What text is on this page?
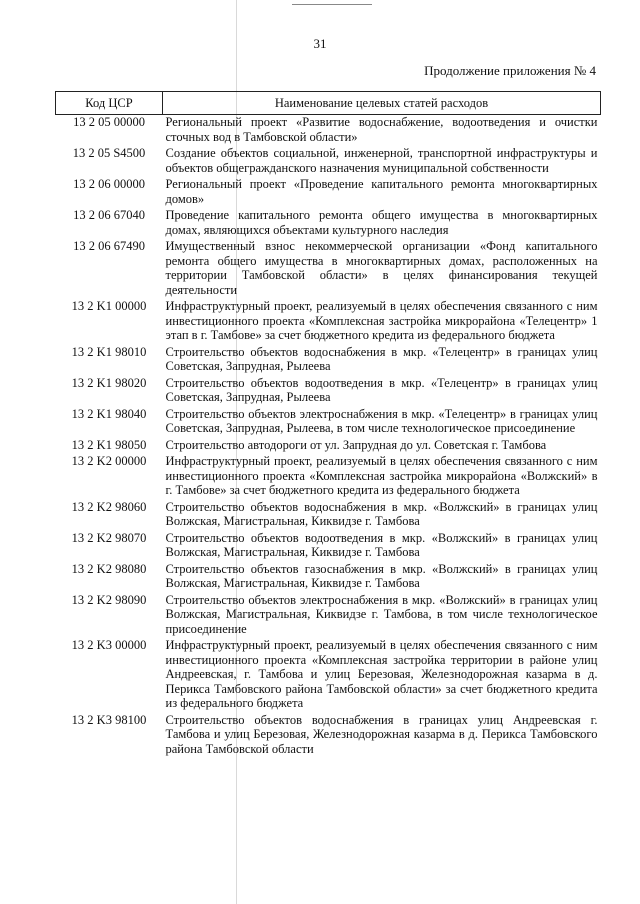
31
Продолжение приложения № 4
Код ЦСР	Наименование целевых статей расходов
13 2 05 00000	Региональный проект «Развитие водоснабжение, водоотведения и очистки сточных вод в Тамбовской области»
13 2 05 S4500	Создание объектов социальной, инженерной, транспортной инфраструктуры и объектов общегражданского назначения муниципальной собственности
13 2 06 00000	Региональный проект «Проведение капитального ремонта многоквартирных домов»
13 2 06 67040	Проведение капитального ремонта общего имущества в многоквартирных домах, являющихся объектами культурного наследия
13 2 06 67490	Имущественный взнос некоммерческой организации «Фонд капитального ремонта общего имущества в многоквартирных домах, расположенных на территории Тамбовской области» в целях финансирования текущей деятельности
13 2 K1 00000	Инфраструктурный проект, реализуемый в целях обеспечения связанного с ним инвестиционного проекта «Комплексная застройка микрорайона «Телецентр» 1 этап в г. Тамбове» за счет бюджетного кредита из федерального бюджета
13 2 K1 98010	Строительство объектов водоснабжения в мкр. «Телецентр» в границах улиц Советская, Запрудная, Рылеева
13 2 K1 98020	Строительство объектов водоотведения в мкр. «Телецентр» в границах улиц Советская, Запрудная, Рылеева
13 2 K1 98040	Строительство объектов электроснабжения в мкр. «Телецентр» в границах улиц Советская, Запрудная, Рылеева, в том числе технологическое присоединение
13 2 K1 98050	Строительство автодороги от ул. Запрудная до ул. Советская г. Тамбова
13 2 K2 00000	Инфраструктурный проект, реализуемый в целях обеспечения связанного с ним инвестиционного проекта «Комплексная застройка микрорайона «Волжский» в г. Тамбове» за счет бюджетного кредита из федерального бюджета
13 2 K2 98060	Строительство объектов водоснабжения в мкр. «Волжский» в границах улиц Волжская, Магистральная, Киквидзе г. Тамбова
13 2 K2 98070	Строительство объектов водоотведения в мкр. «Волжский» в границах улиц Волжская, Магистральная, Киквидзе г. Тамбова
13 2 K2 98080	Строительство объектов газоснабжения в мкр. «Волжский» в границах улиц Волжская, Магистральная, Киквидзе г. Тамбова
13 2 K2 98090	Строительство объектов электроснабжения в мкр. «Волжский» в границах улиц Волжская, Магистральная, Киквидзе г. Тамбова, в том числе технологическое присоединение
13 2 K3 00000	Инфраструктурный проект, реализуемый в целях обеспечения связанного с ним инвестиционного проекта «Комплексная застройка территории в районе улиц Андреевская, г. Тамбова и улиц Березовая, Железнодорожная казарма в д. Перикса Тамбовского района Тамбовской области» за счет бюджетного кредита из федерального бюджета
13 2 K3 98100	Строительство объектов водоснабжения в границах улиц Андреевская г. Тамбова и улиц Березовая, Железнодорожная казарма в д. Перикса Тамбовского района Тамбовской области
